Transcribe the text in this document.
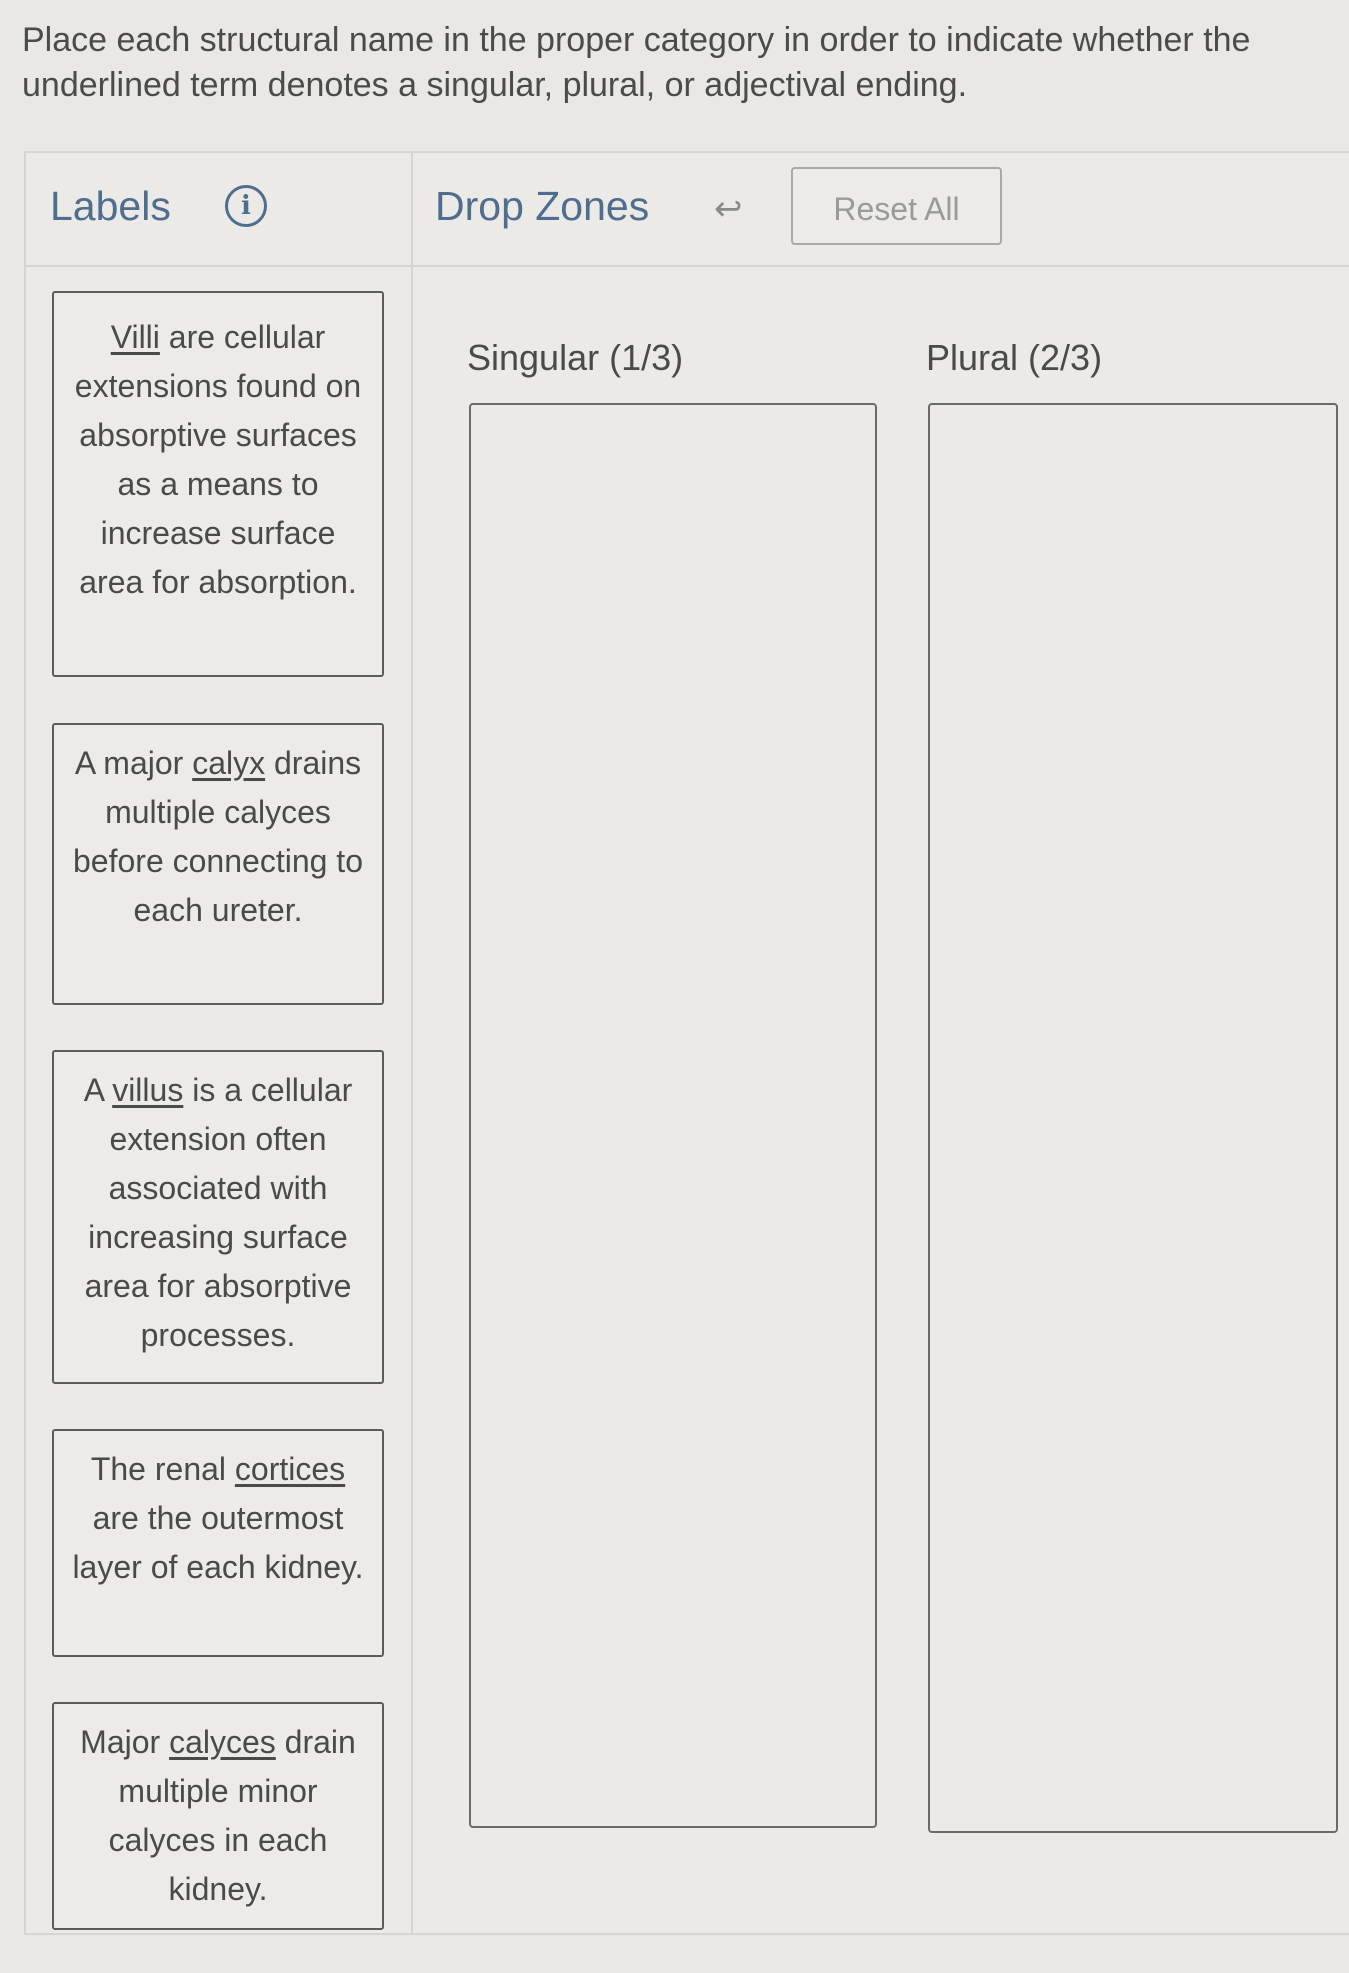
Place each structural name in the proper category in order to indicate whether the underlined term denotes a singular, plural, or adjectival ending.

Labels	i	Drop Zones ↩	Reset All
Villi are cellular extensions found on absorptive surfaces as a means to increase surface area for absorption.
A major calyx drains multiple calyces before connecting to each ureter.
A villus is a cellular extension often associated with increasing surface area for absorptive processes.
The renal cortices are the outermost layer of each kidney.
Major calyces drain multiple minor calyces in each kidney.
Singular (1/3)	Plural (2/3)
